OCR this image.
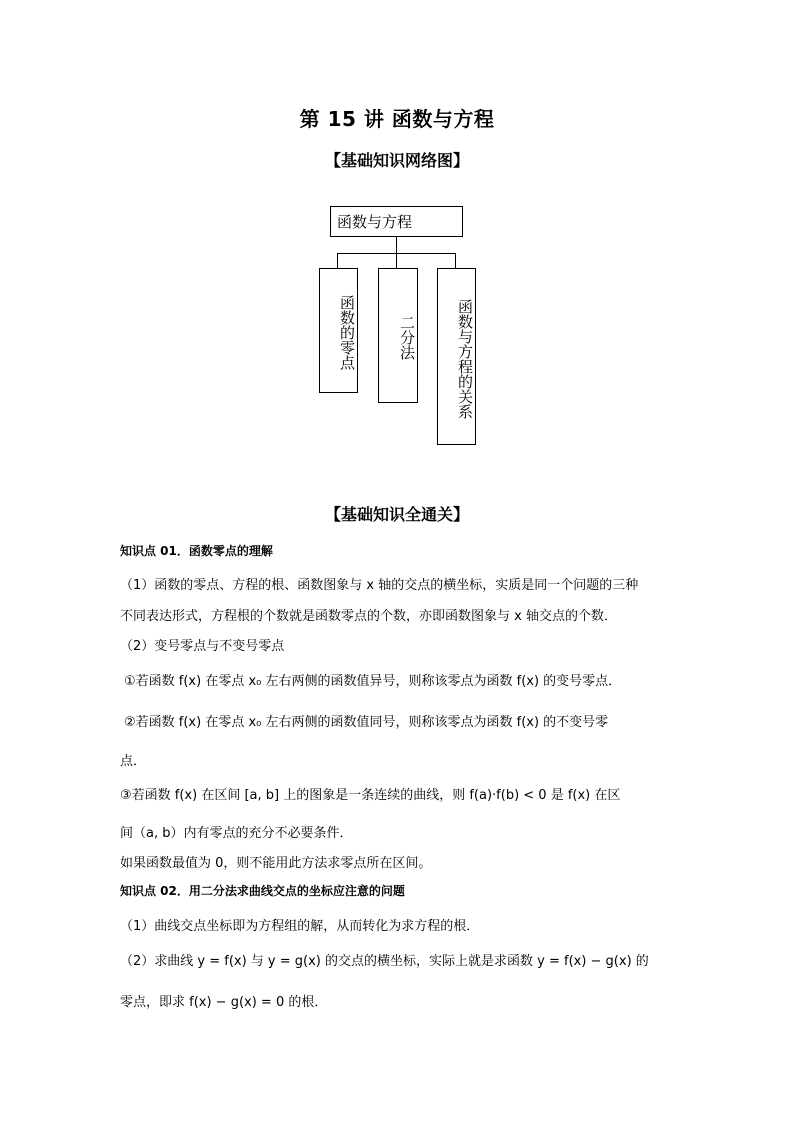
第 15 讲 函数与方程
【基础知识网络图】
函数与方程
函数的零点	二分法	函数与方程的关系
【基础知识全通关】
知识点 01．函数零点的理解
（1）函数的零点、方程的根、函数图象与 x 轴的交点的横坐标，实质是同一个问题的三种
不同表达形式，方程根的个数就是函数零点的个数，亦即函数图象与 x 轴交点的个数．
（2）变号零点与不变号零点
①若函数 f(x) 在零点 x₀ 左右两侧的函数值异号，则称该零点为函数 f(x) 的变号零点．
②若函数 f(x) 在零点 x₀ 左右两侧的函数值同号，则称该零点为函数 f(x) 的不变号零
点．
③若函数 f(x) 在区间 [a, b] 上的图象是一条连续的曲线，则 f(a)·f(b) < 0 是 f(x) 在区
间（a, b）内有零点的充分不必要条件．
如果函数最值为 0，则不能用此方法求零点所在区间。
知识点 02．用二分法求曲线交点的坐标应注意的问题
（1）曲线交点坐标即为方程组的解，从而转化为求方程的根．
（2）求曲线 y = f(x) 与 y = g(x) 的交点的横坐标，实际上就是求函数 y = f(x) − g(x) 的
零点，即求 f(x) − g(x) = 0 的根．
